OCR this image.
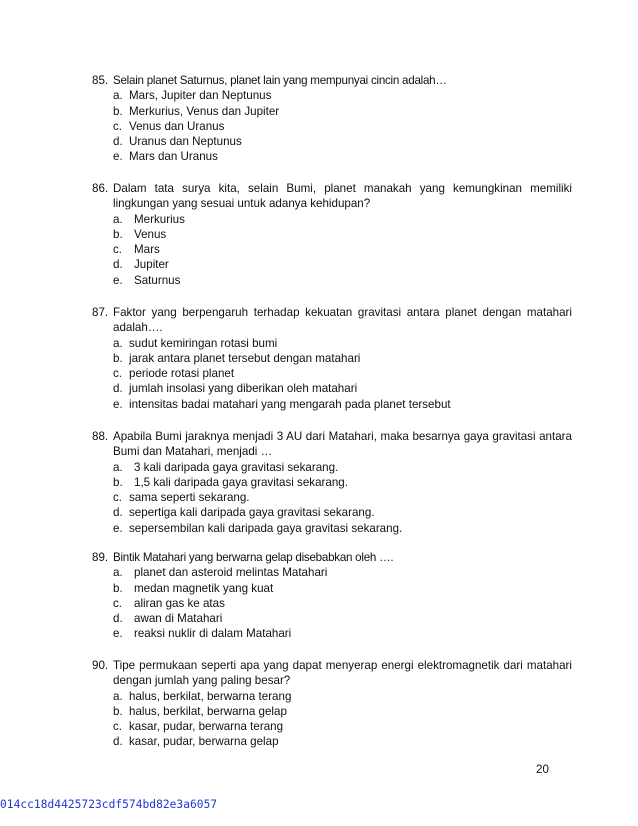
85. Selain planet Saturnus, planet lain yang mempunyai cincin adalah…
a. Mars, Jupiter dan Neptunus
b. Merkurius, Venus dan Jupiter
c. Venus dan Uranus
d. Uranus dan Neptunus
e. Mars dan Uranus
86. Dalam tata surya kita, selain Bumi, planet manakah yang kemungkinan memiliki lingkungan yang sesuai untuk adanya kehidupan?
a. Merkurius
b. Venus
c.	Mars
d. Jupiter
e. Saturnus
87. Faktor yang berpengaruh terhadap kekuatan gravitasi antara planet dengan matahari adalah….
a. sudut kemiringan rotasi bumi
b. jarak antara planet tersebut dengan matahari
c. periode rotasi planet
d. jumlah insolasi yang diberikan oleh matahari
e. intensitas badai matahari yang mengarah pada planet tersebut
88. Apabila Bumi jaraknya menjadi 3 AU dari Matahari, maka besarnya gaya gravitasi antara Bumi dan Matahari, menjadi …
a. 3 kali daripada gaya gravitasi sekarang.
b. 1,5 kali daripada gaya gravitasi sekarang.
c. sama seperti sekarang.
d. sepertiga kali daripada gaya gravitasi sekarang.
e. sepersembilan kali daripada gaya gravitasi sekarang.
89. Bintik Matahari yang berwarna gelap disebabkan oleh ….
a. planet dan asteroid melintas Matahari
b. medan magnetik yang kuat
c.	aliran gas ke atas
d. awan di Matahari
e. reaksi nuklir di dalam Matahari
90. Tipe permukaan seperti apa yang dapat menyerap energi elektromagnetik dari matahari dengan jumlah yang paling besar?
a. halus, berkilat, berwarna terang
b. halus, berkilat, berwarna gelap
c. kasar, pudar, berwarna terang
d. kasar, pudar, berwarna gelap
20
014cc18d4425723cdf574bd82e3a6057
